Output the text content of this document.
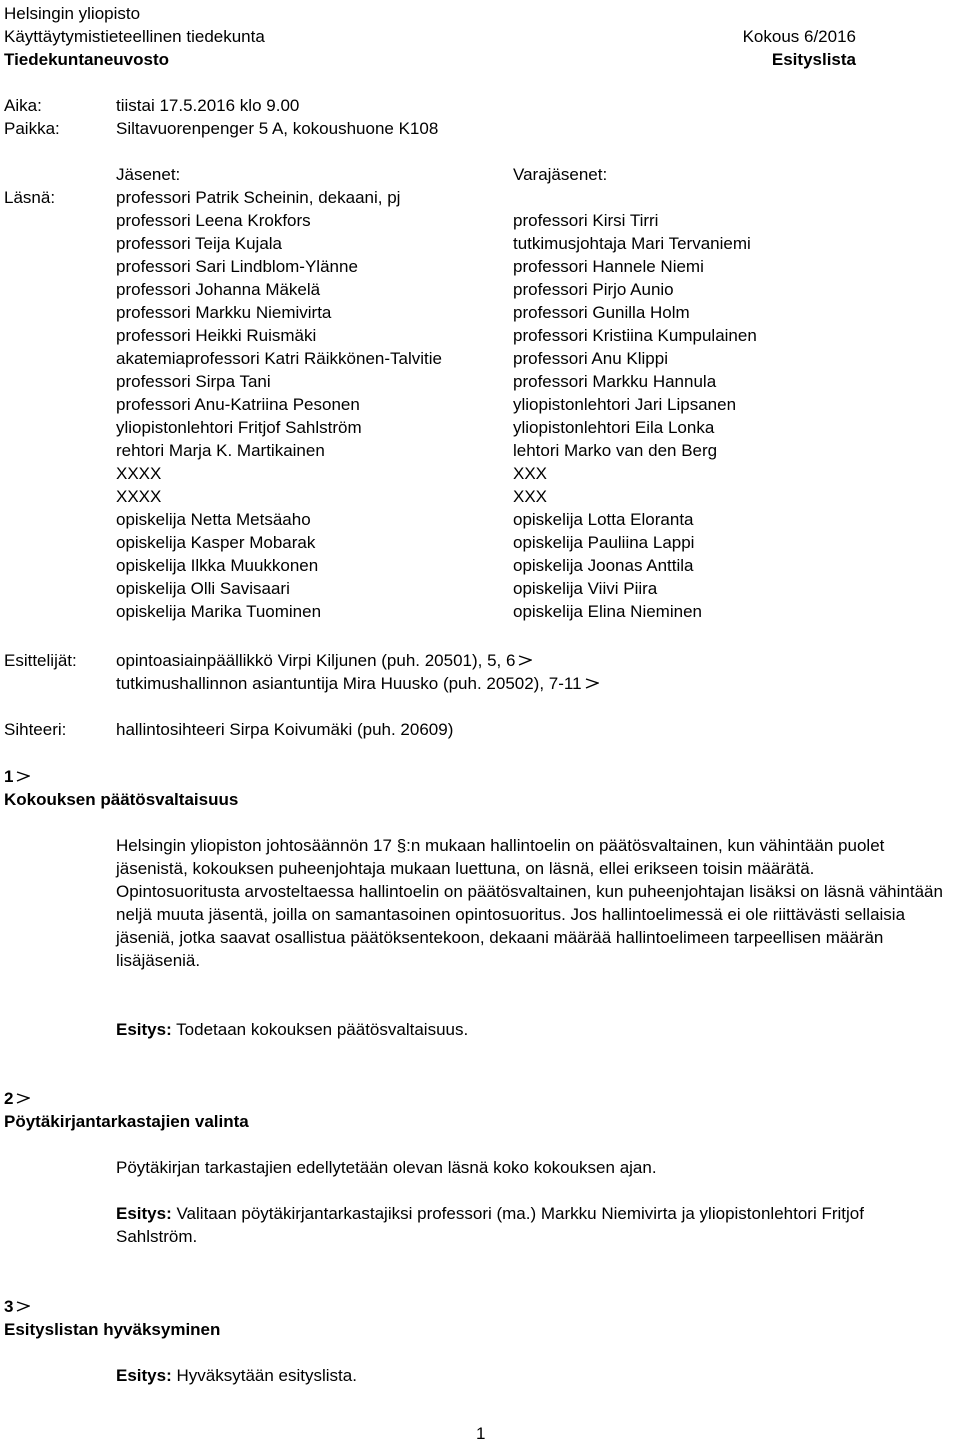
Helsingin yliopisto
Käyttäytymistieteellinen tiedekunta	Kokous 6/2016
Tiedekuntaneuvosto	Esityslista
Aika:	tiistai 17.5.2016 klo 9.00
Paikka:	Siltavuorenpenger 5 A, kokoushuone K108
Jäsenet:	Varajäsenet:
Läsnä:	professori Patrik Scheinin, dekaani, pj
professori Leena Krokfors	professori Kirsi Tirri
professori Teija Kujala	tutkimusjohtaja Mari Tervaniemi
professori Sari Lindblom-Ylänne	professori Hannele Niemi
professori Johanna Mäkelä	professori Pirjo Aunio
professori Markku Niemivirta	professori Gunilla Holm
professori Heikki Ruismäki	professori Kristiina Kumpulainen
akatemiaprofessori Katri Räikkönen-Talvitie	professori Anu Klippi
professori Sirpa Tani	professori Markku Hannula
professori Anu-Katriina Pesonen	yliopistonlehtori Jari Lipsanen
yliopistonlehtori Fritjof Sahlström	yliopistonlehtori Eila Lonka
rehtori Marja K. Martikainen	lehtori Marko van den Berg
XXXX	XXX
XXXX	XXX
opiskelija Netta Metsäaho	opiskelija Lotta Eloranta
opiskelija Kasper Mobarak	opiskelija Pauliina Lappi
opiskelija Ilkka Muukkonen	opiskelija Joonas Anttila
opiskelija Olli Savisaari	opiskelija Viivi Piira
opiskelija Marika Tuominen	opiskelija Elina Nieminen
Esittelijät: opintoasiainpäällikkö Virpi Kiljunen (puh. 20501), 5, 6
tutkimushallinnon asiantuntija Mira Huusko (puh. 20502), 7-11
Sihteeri:	hallintosihteeri Sirpa Koivumäki (puh. 20609)
1
Kokouksen päätösvaltaisuus

Helsingin yliopiston johtosäännön 17 §:n mukaan hallintoelin on päätösvaltainen, kun vähintään puolet jäsenistä, kokouksen puheenjohtaja mukaan luettuna, on läsnä, ellei erikseen toisin määrätä.

Opintosuoritusta arvosteltaessa hallintoelin on päätösvaltainen, kun puheenjohtajan lisäksi on läsnä vähintään neljä muuta jäsentä, joilla on samantasoinen opintosuoritus. Jos hallintoelimessä ei ole riittävästi sellaisia jäseniä, jotka saavat osallistua päätöksentekoon, dekaani määrää hallintoelimeen tarpeellisen määrän lisäjäseniä.

Esitys: Todetaan kokouksen päätösvaltaisuus.
2
Pöytäkirjantarkastajien valinta
Pöytäkirjan tarkastajien edellytetään olevan läsnä koko kokouksen ajan.
Esitys: Valitaan pöytäkirjantarkastajiksi professori (ma.) Markku Niemivirta ja yliopistonlehtori Fritjof Sahlström.
3
Esityslistan hyväksyminen
Esitys: Hyväksytään esityslista.
1
